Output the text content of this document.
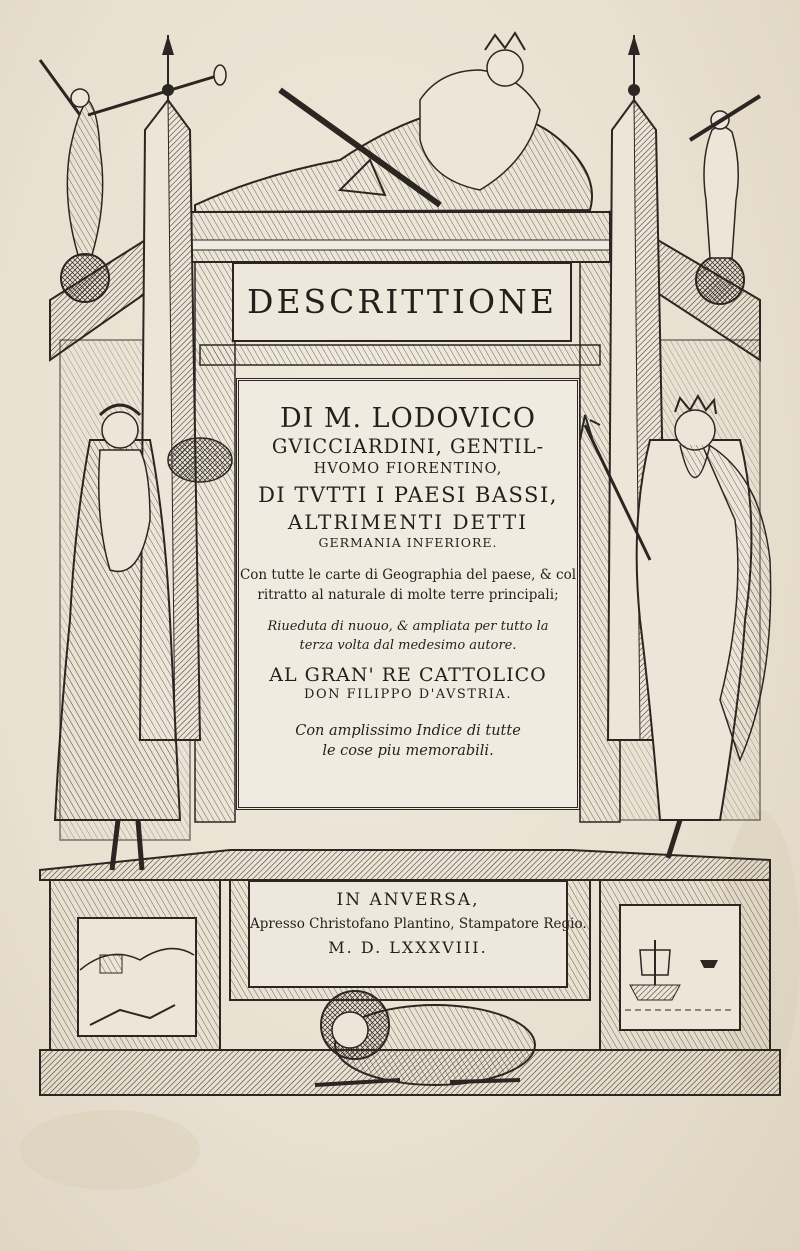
DESCRITTIONE
DI M. LODOVICO
GVICCIARDINI, GENTIL-
HVOMO FIORENTINO,
DI TVTTI I PAESI BASSI,
ALTRIMENTI DETTI
GERMANIA INFERIORE.
Con tutte le carte di Geographia del paese, & col
ritratto al naturale di molte terre principali;
Riueduta di nuouo, & ampliata per tutto la
terza volta dal medesimo autore.
AL GRAN' RE CATTOLICO
DON FILIPPO D'AVSTRIA.
Con amplissimo Indice di tutte
le cose piu memorabili.
IN ANVERSA,
Apresso Christofano Plantino, Stampatore Regio.
M. D. LXXXVIII.
